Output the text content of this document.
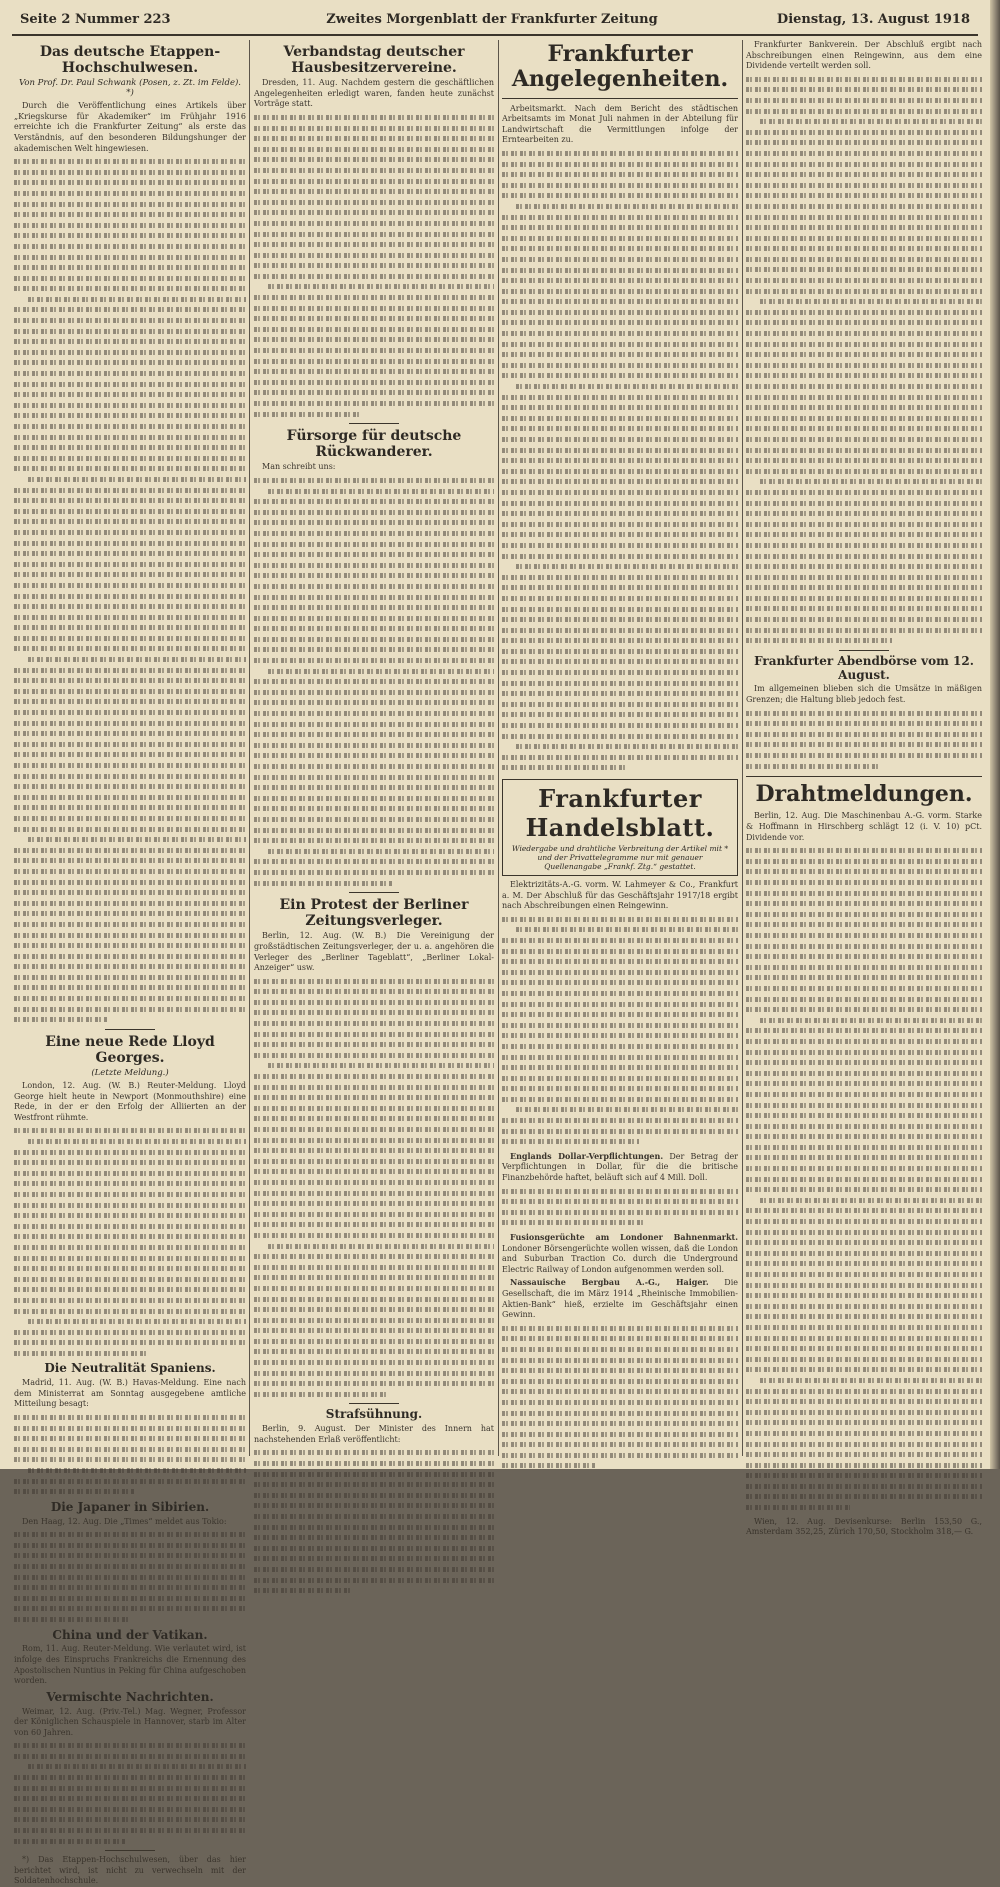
Seite 2 Nummer 223	Zweites Morgenblatt der Frankfurter Zeitung	Dienstag, 13. August 1918
Das deutsche Etappen-Hochschulwesen.
Von Prof. Dr. Paul Schwank (Posen, z. Zt. im Felde). *)

Durch die Veröffentlichung eines Artikels über „Kriegskurse für Akademiker“ im Frühjahr 1916 erreichte ich die Frankfurter Zeitung“ als erste das Verständnis, auf den besonderen Bildungshunger der akademischen Welt hingewiesen.

Eine neue Rede Lloyd Georges.
(Letzte Meldung.)

London, 12. Aug. (W. B.) Reuter-Meldung. Lloyd George hielt heute in Newport (Monmouthshire) eine Rede, in der er den Erfolg der Alliierten an der Westfront rühmte.

Die Neutralität Spaniens.

Madrid, 11. Aug. (W. B.) Havas-Meldung. Eine nach dem Ministerrat am Sonntag ausgegebene amtliche Mitteilung besagt:

Die Japaner in Sibirien.

Den Haag, 12. Aug. Die „Times“ meldet aus Tokio:

China und der Vatikan.

Rom, 11. Aug. Reuter-Meldung. Wie verlautet wird, ist infolge des Einspruchs Frankreichs die Ernennung des Apostolischen Nuntius in Peking für China aufgeschoben worden.

Vermischte Nachrichten.

Weimar, 12. Aug. (Priv.-Tel.) Mag. Wegner, Professor der Königlichen Schauspiele in Hannover, starb im Alter von 60 Jahren.

*) Das Etappen-Hochschulwesen, über das hier berichtet wird, ist nicht zu verwechseln mit der Soldatenhochschule.

Verbandstag deutscher Hausbesitzervereine.

Dresden, 11. Aug. Nachdem gestern die geschäftlichen Angelegenheiten erledigt waren, fanden heute zunächst Vorträge statt.

Fürsorge für deutsche Rückwanderer.

Man schreibt uns:

Ein Protest der Berliner Zeitungsverleger.

Berlin, 12. Aug. (W. B.) Die Vereinigung der großstädtischen Zeitungsverleger, der u. a. angehören die Verleger des „Berliner Tageblatt“, „Berliner Lokal-Anzeiger“ usw.

Strafsühnung.

Berlin, 9. August. Der Minister des Innern hat nachstehenden Erlaß veröffentlicht:

Frankfurter Angelegenheiten.

Arbeitsmarkt. Nach dem Bericht des städtischen Arbeitsamts im Monat Juli nahmen in der Abteilung für Landwirtschaft die Vermittlungen infolge der Erntearbeiten zu.

Frankfurter Handelsblatt.
Wiedergabe und drahtliche Verbreitung der Artikel mit * und der Privattelegramme nur mit genauer Quellenangabe „Frankf. Ztg.“ gestattet.

Elektrizitäts-A.-G. vorm. W. Lahmeyer & Co., Frankfurt a. M. Der Abschluß für das Geschäftsjahr 1917/18 ergibt nach Abschreibungen einen Reingewinn.

Englands Dollar-Verpflichtungen. Der Betrag der Verpflichtungen in Dollar, für die die britische Finanzbehörde haftet, beläuft sich auf 4 Mill. Doll.

Fusionsgerüchte am Londoner Bahnenmarkt. Londoner Börsengerüchte wollen wissen, daß die London and Suburban Traction Co. durch die Underground Electric Railway of London aufgenommen werden soll.

Nassauische Bergbau A.-G., Haiger. Die Gesellschaft, die im März 1914 „Rheinische Immobilien-Aktien-Bank“ hieß, erzielte im Geschäftsjahr einen Gewinn.

Frankfurter Bankverein. Der Abschluß ergibt nach Abschreibungen einen Reingewinn, aus dem eine Dividende verteilt werden soll.

Frankfurter Abendbörse vom 12. August.

Im allgemeinen blieben sich die Umsätze in mäßigen Grenzen; die Haltung blieb jedoch fest.

Drahtmeldungen.

Berlin, 12. Aug. Die Maschinenbau A.-G. vorm. Starke & Hoffmann in Hirschberg schlägt 12 (i. V. 10) pCt. Dividende vor.

Wien, 12. Aug. Devisenkurse: Berlin 153,50 G., Amsterdam 352,25, Zürich 170,50, Stockholm 318,— G.
